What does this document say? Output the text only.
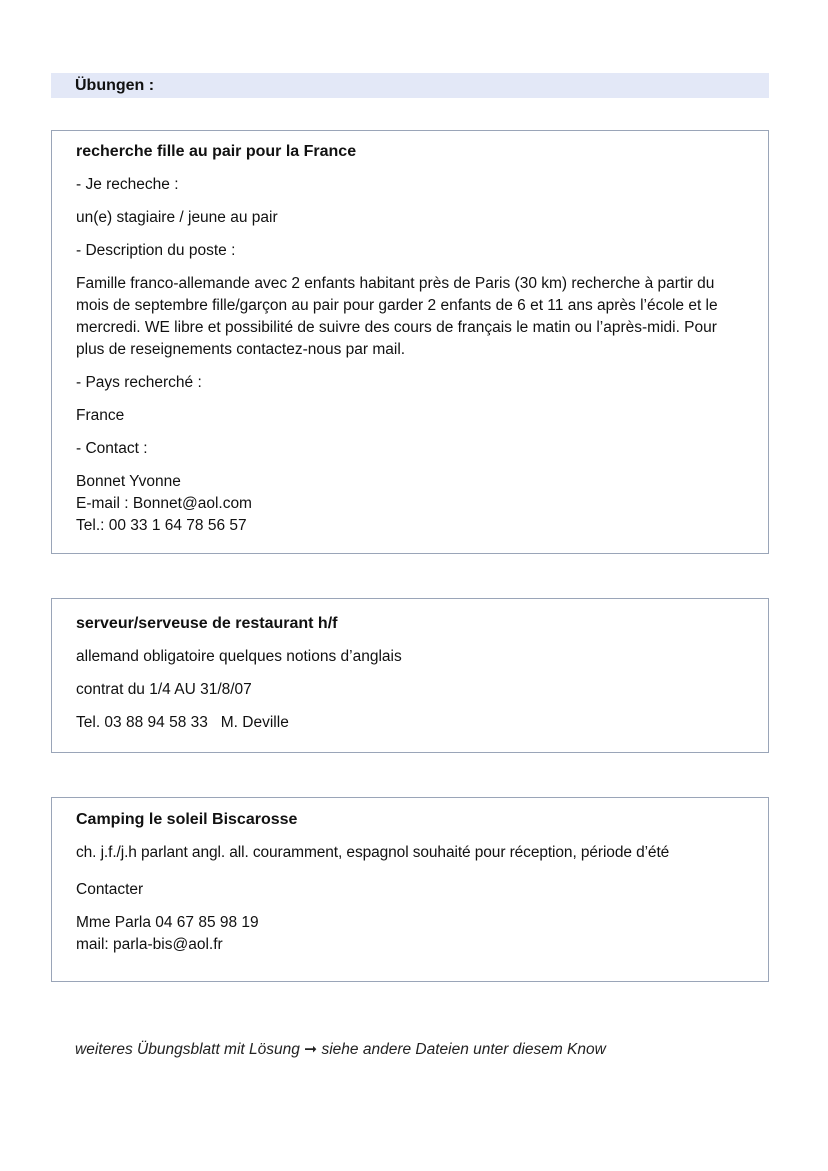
Übungen :

recherche fille au pair pour la France

- Je recheche :

un(e) stagiaire / jeune au pair

- Description du poste :

Famille franco-allemande avec 2 enfants habitant près de Paris (30 km) recherche à partir du mois de septembre fille/garçon au pair pour garder 2 enfants de 6 et 11 ans après l’école et le mercredi. WE libre et possibilité de suivre des cours de français le matin ou l’après-midi. Pour plus de reseignements contactez-nous par mail.

- Pays recherché :

France

- Contact :

Bonnet Yvonne

E-mail : Bonnet@aol.com

Tel.: 00 33 1 64 78 56 57

serveur/serveuse de restaurant h/f

allemand obligatoire quelques notions d’anglais

contrat du 1/4 AU 31/8/07

Tel. 03 88 94 58 33   M. Deville

Camping le soleil Biscarosse

ch. j.f./j.h parlant angl. all. couramment, espagnol souhaité pour réception, période d’été

Contacter

Mme Parla 04 67 85 98 19

mail: parla-bis@aol.fr

weiteres Übungsblatt mit Lösung ➞ siehe andere Dateien unter diesem Know
